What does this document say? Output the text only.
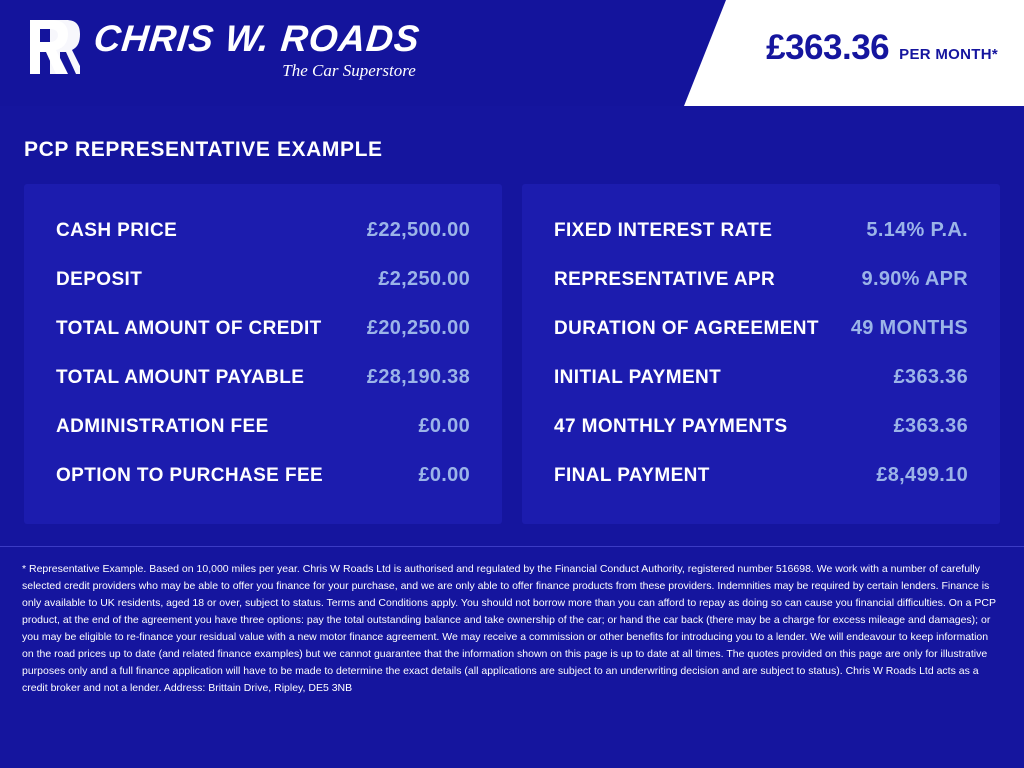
CHRIS W. ROADS
The Car Superstore
£363.36 PER MONTH*
PCP REPRESENTATIVE EXAMPLE
CASH PRICE	£22,500.00
DEPOSIT	£2,250.00
TOTAL AMOUNT OF CREDIT £20,250.00
TOTAL AMOUNT PAYABLE	£28,190.38
ADMINISTRATION FEE	£0.00
OPTION TO PURCHASE FEE	£0.00
FIXED INTEREST RATE	5.14% P.A.
REPRESENTATIVE APR	9.90% APR
DURATION OF AGREEMENT 49 MONTHS
INITIAL PAYMENT	£363.36
47 MONTHLY PAYMENTS	£363.36
FINAL PAYMENT	£8,499.10
* Representative Example. Based on 10,000 miles per year. Chris W Roads Ltd is authorised and regulated by the Financial Conduct Authority, registered number 516698. We work with a number of carefully selected credit providers who may be able to offer you finance for your purchase, and we are only able to offer finance products from these providers. Indemnities may be required by certain lenders. Finance is only available to UK residents, aged 18 or over, subject to status. Terms and Conditions apply. You should not borrow more than you can afford to repay as doing so can cause you financial difficulties. On a PCP product, at the end of the agreement you have three options: pay the total outstanding balance and take ownership of the car; or hand the car back (there may be a charge for excess mileage and damages); or you may be eligible to re-finance your residual value with a new motor finance agreement. We may receive a commission or other benefits for introducing you to a lender. We will endeavour to keep information on the road prices up to date (and related finance examples) but we cannot guarantee that the information shown on this page is up to date at all times. The quotes provided on this page are only for illustrative purposes only and a full finance application will have to be made to determine the exact details (all applications are subject to an underwriting decision and are subject to status). Chris W Roads Ltd acts as a credit broker and not a lender. Address: Brittain Drive, Ripley, DE5 3NB
